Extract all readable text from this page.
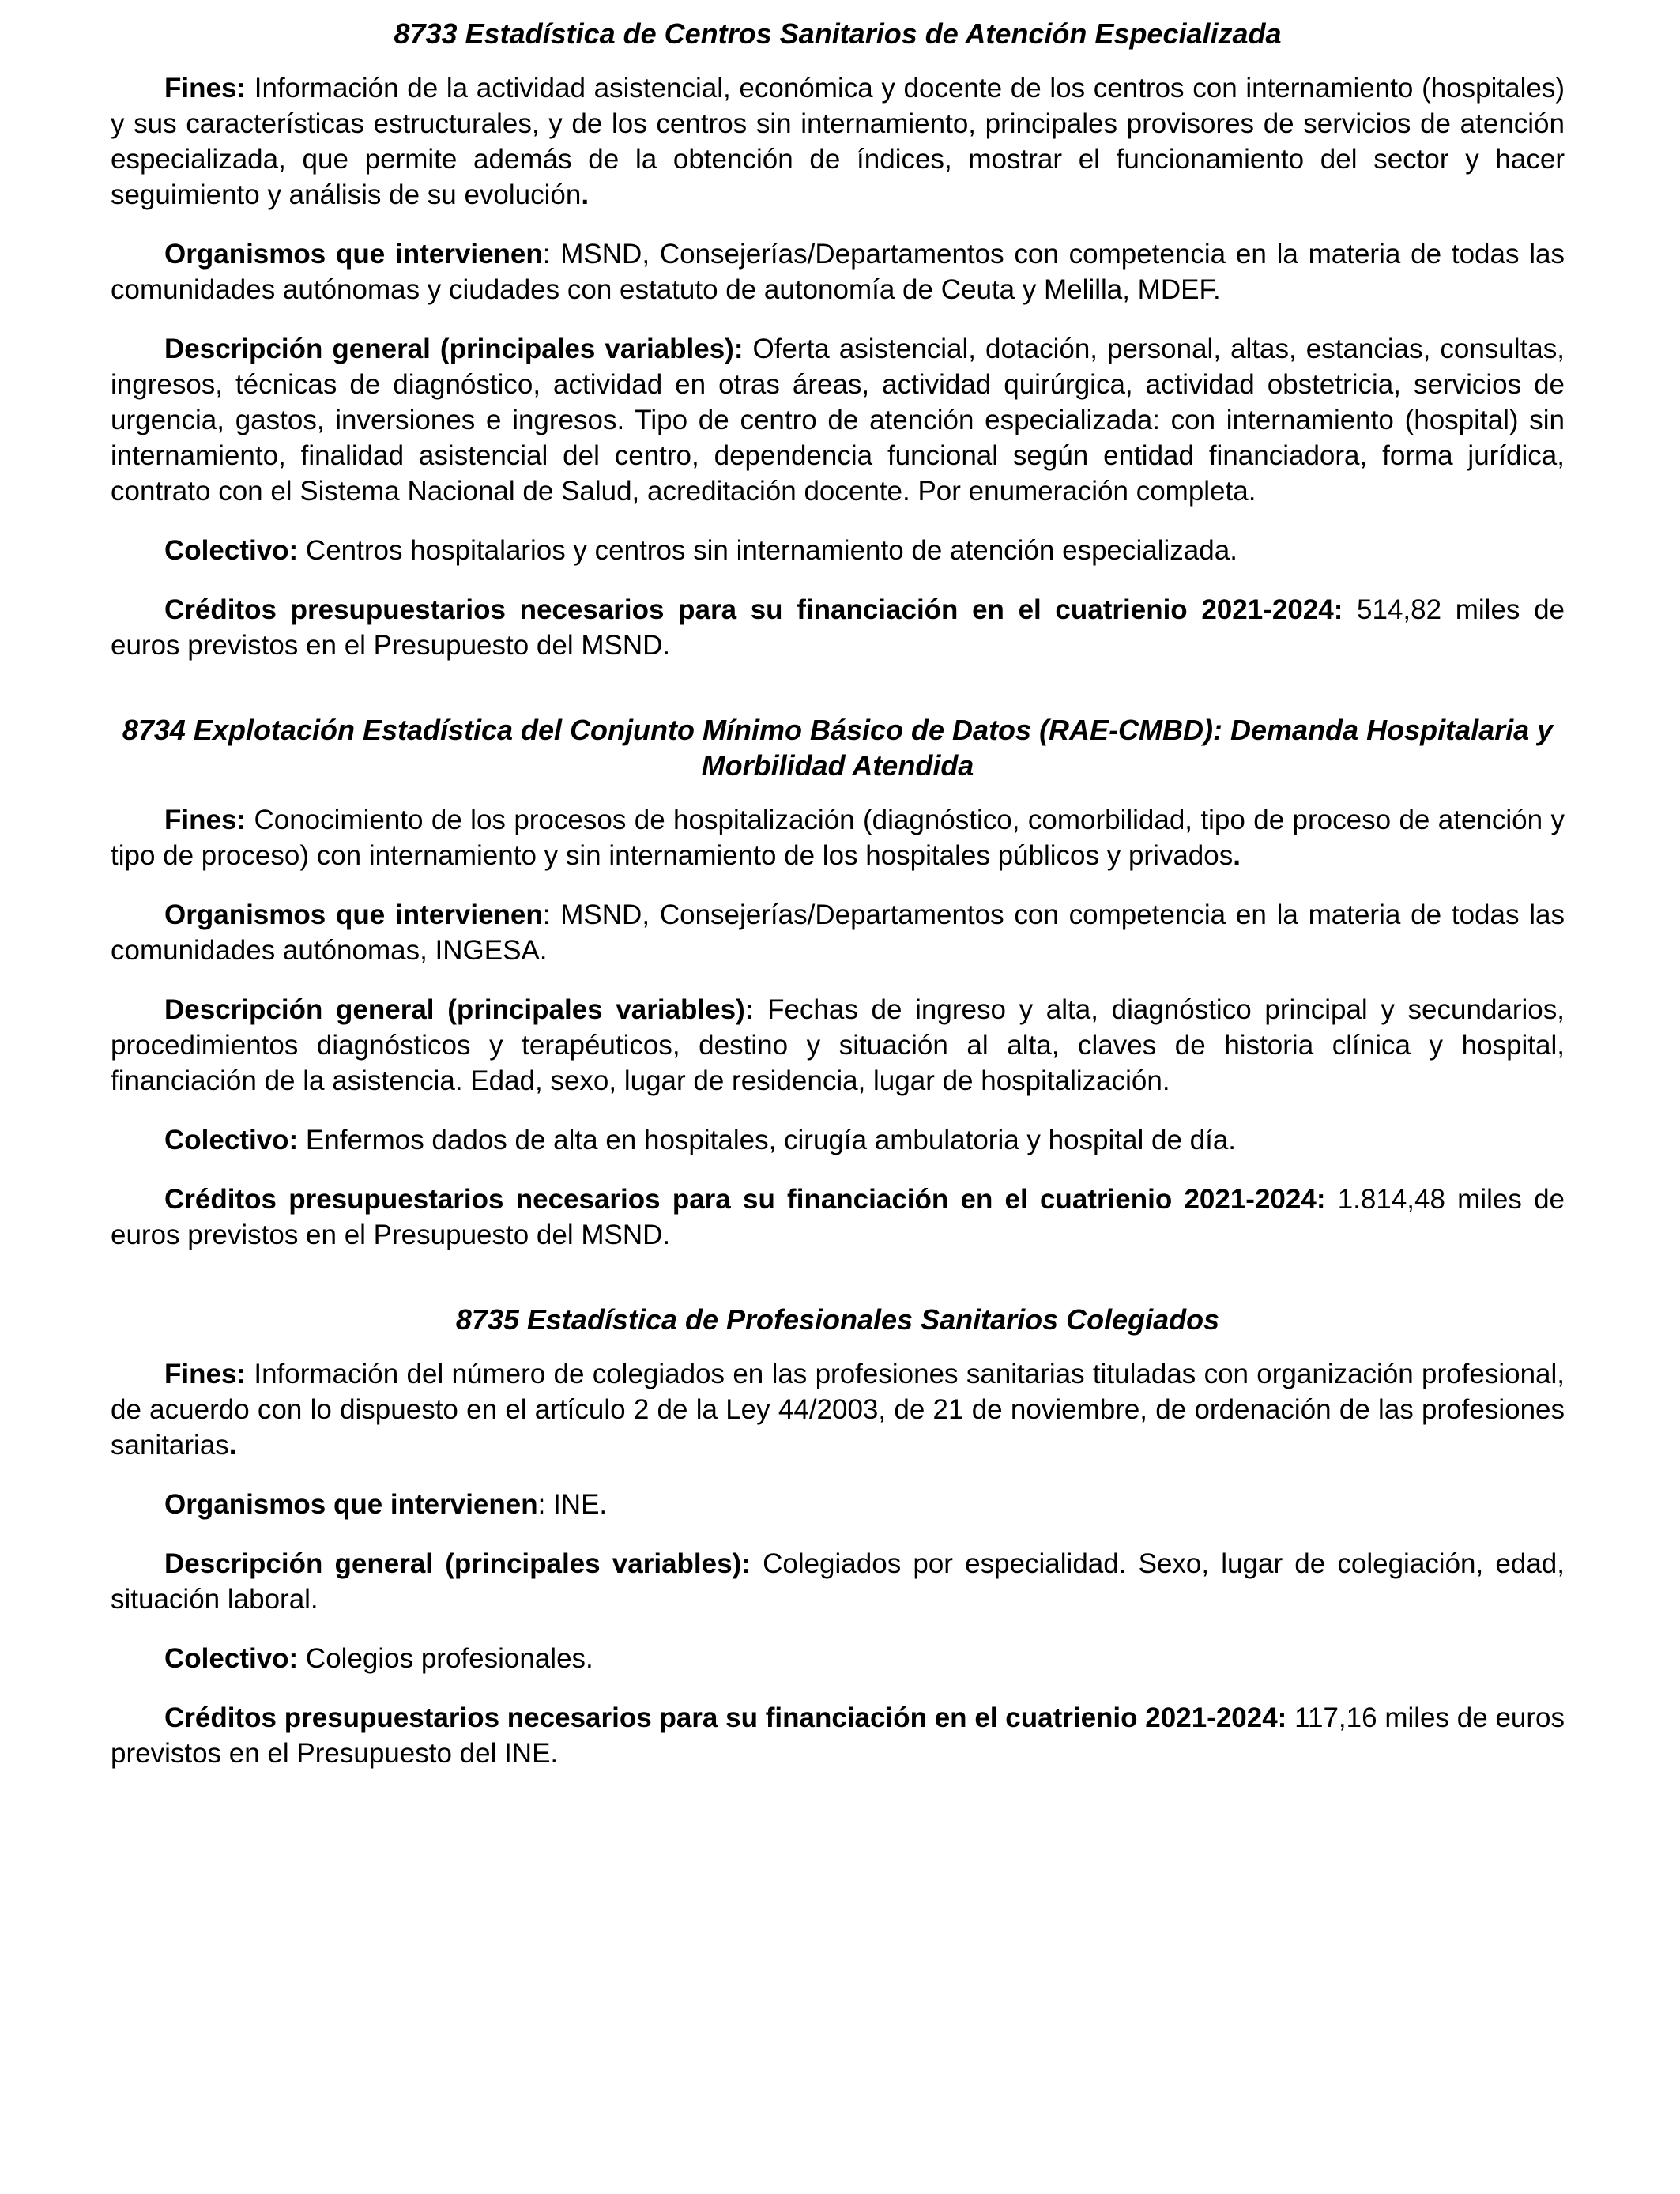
8733 Estadística de Centros Sanitarios de Atención Especializada

Fines: Información de la actividad asistencial, económica y docente de los centros con internamiento (hospitales) y sus características estructurales, y de los centros sin internamiento, principales provisores de servicios de atención especializada, que permite además de la obtención de índices, mostrar el funcionamiento del sector y hacer seguimiento y análisis de su evolución.

Organismos que intervienen: MSND, Consejerías/Departamentos con competencia en la materia de todas las comunidades autónomas y ciudades con estatuto de autonomía de Ceuta y Melilla, MDEF.

Descripción general (principales variables): Oferta asistencial, dotación, personal, altas, estancias, consultas, ingresos, técnicas de diagnóstico, actividad en otras áreas, actividad quirúrgica, actividad obstetricia, servicios de urgencia, gastos, inversiones e ingresos. Tipo de centro de atención especializada: con internamiento (hospital) sin internamiento, finalidad asistencial del centro, dependencia funcional según entidad financiadora, forma jurídica, contrato con el Sistema Nacional de Salud, acreditación docente. Por enumeración completa.

Colectivo: Centros hospitalarios y centros sin internamiento de atención especializada.

Créditos presupuestarios necesarios para su financiación en el cuatrienio 2021-2024: 514,82 miles de euros previstos en el Presupuesto del MSND.

8734 Explotación Estadística del Conjunto Mínimo Básico de Datos (RAE-CMBD): Demanda Hospitalaria y Morbilidad Atendida

Fines: Conocimiento de los procesos de hospitalización (diagnóstico, comorbilidad, tipo de proceso de atención y tipo de proceso) con internamiento y sin internamiento de los hospitales públicos y privados.

Organismos que intervienen: MSND, Consejerías/Departamentos con competencia en la materia de todas las comunidades autónomas, INGESA.

Descripción general (principales variables): Fechas de ingreso y alta, diagnóstico principal y secundarios, procedimientos diagnósticos y terapéuticos, destino y situación al alta, claves de historia clínica y hospital, financiación de la asistencia. Edad, sexo, lugar de residencia, lugar de hospitalización.

Colectivo: Enfermos dados de alta en hospitales, cirugía ambulatoria y hospital de día.

Créditos presupuestarios necesarios para su financiación en el cuatrienio 2021-2024: 1.814,48 miles de euros previstos en el Presupuesto del MSND.

8735 Estadística de Profesionales Sanitarios Colegiados

Fines: Información del número de colegiados en las profesiones sanitarias tituladas con organización profesional, de acuerdo con lo dispuesto en el artículo 2 de la Ley 44/2003, de 21 de noviembre, de ordenación de las profesiones sanitarias.

Organismos que intervienen: INE.

Descripción general (principales variables): Colegiados por especialidad. Sexo, lugar de colegiación, edad, situación laboral.

Colectivo: Colegios profesionales.

Créditos presupuestarios necesarios para su financiación en el cuatrienio 2021-2024: 117,16 miles de euros previstos en el Presupuesto del INE.
